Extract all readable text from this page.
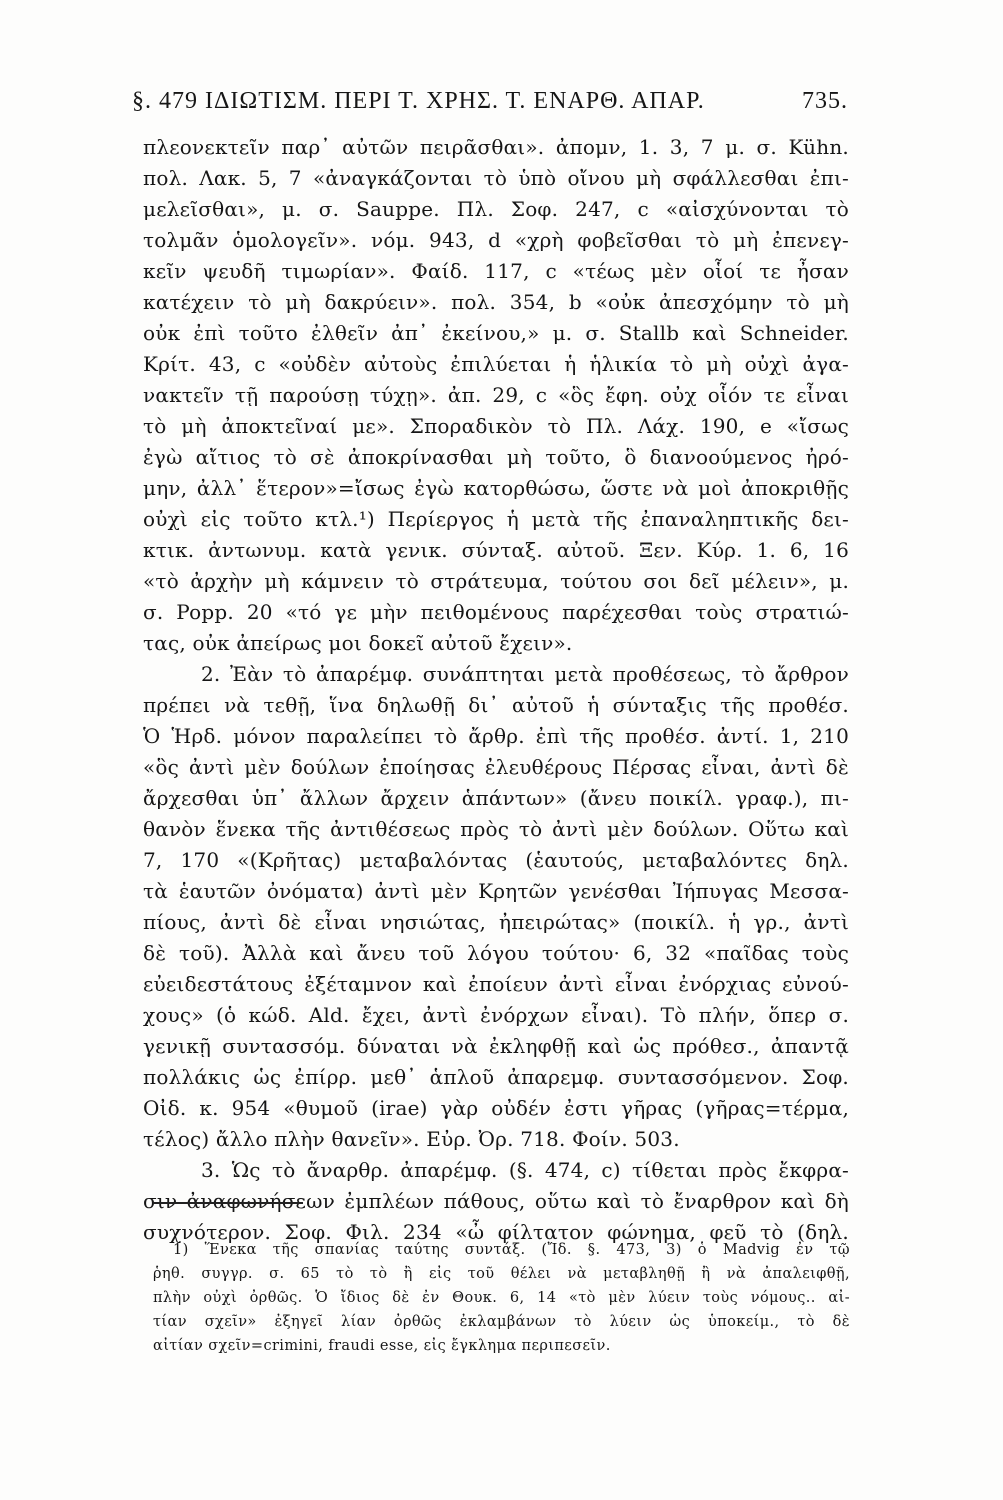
§. 479 ΙΔΙΩΤΙΣΜ. ΠΕΡΙ Τ. ΧΡΗΣ. Τ. ΕΝΑΡΘ. ΑΠΑΡ.	735.
πλεονεκτεῖν παρ᾿ αὐτῶν πειρᾶσθαι». ἀπομν, 1. 3, 7 μ. σ. Kühn.
πολ. Λακ. 5, 7 «ἀναγκάζονται τὸ ὑπὸ οἴνου μὴ σφάλλεσθαι ἐπι-
μελεῖσθαι», μ. σ. Sauppe. Πλ. Σοφ. 247, c «αἰσχύνονται τὸ
τολμᾶν ὁμολογεῖν». νόμ. 943, d «χρὴ φοβεῖσθαι τὸ μὴ ἐπενεγ-
κεῖν ψευδῆ τιμωρίαν». Φαίδ. 117, c «τέως μὲν οἷοί τε ἦσαν
κατέχειν τὸ μὴ δακρύειν». πολ. 354, b «οὐκ ἀπεσχόμην τὸ μὴ
οὐκ ἐπὶ τοῦτο ἐλθεῖν ἀπ᾿ ἐκείνου,» μ. σ. Stallb καὶ Schneider.
Κρίτ. 43, c «οὐδὲν αὐτοὺς ἐπιλύεται ἡ ἡλικία τὸ μὴ οὐχὶ ἀγα-
νακτεῖν τῇ παρούσῃ τύχῃ». ἀπ. 29, c «ὃς ἔφη. οὐχ οἷόν τε εἶναι
τὸ μὴ ἀποκτεῖναί με». Σποραδικὸν τὸ Πλ. Λάχ. 190, e «ἴσως
ἐγὼ αἴτιος τὸ σὲ ἀποκρίνασθαι μὴ τοῦτο, ὃ διανοούμενος ἠρό-
μην, ἀλλ᾿ ἕτερον»=ἴσως ἐγὼ κατορθώσω, ὥστε νὰ μοὶ ἀποκριθῇς
οὐχὶ εἰς τοῦτο κτλ.¹) Περίεργος ἡ μετὰ τῆς ἐπαναληπτικῆς δει-
κτικ. ἀντωνυμ. κατὰ γενικ. σύνταξ. αὐτοῦ. Ξεν. Κύρ. 1. 6, 16
«τὸ ἀρχὴν μὴ κάμνειν τὸ στράτευμα, τούτου σοι δεῖ μέλειν», μ.
σ. Popp. 20 «τό γε μὴν πειθομένους παρέχεσθαι τοὺς στρατιώ-
τας, οὐκ ἀπείρως μοι δοκεῖ αὐτοῦ ἔχειν».
2. Ἐὰν τὸ ἀπαρέμφ. συνάπτηται μετὰ προθέσεως, τὸ ἄρθρον
πρέπει νὰ τεθῇ, ἵνα δηλωθῇ δι᾿ αὐτοῦ ἡ σύνταξις τῆς προθέσ.
Ὁ Ἡρδ. μόνον παραλείπει τὸ ἄρθρ. ἐπὶ τῆς προθέσ. ἀντί. 1, 210
«ὃς ἀντὶ μὲν δούλων ἐποίησας ἐλευθέρους Πέρσας εἶναι, ἀντὶ δὲ
ἄρχεσθαι ὑπ᾿ ἄλλων ἄρχειν ἁπάντων» (ἄνευ ποικίλ. γραφ.), πι-
θανὸν ἕνεκα τῆς ἀντιθέσεως πρὸς τὸ ἀντὶ μὲν δούλων. Οὕτω καὶ
7, 170 «(Κρῆτας) μεταβαλόντας (ἑαυτούς, μεταβαλόντες δηλ.
τὰ ἑαυτῶν ὀνόματα) ἀντὶ μὲν Κρητῶν γενέσθαι Ἰήπυγας Μεσσα-
πίους, ἀντὶ δὲ εἶναι νησιώτας, ἠπειρώτας» (ποικίλ. ἡ γρ., ἀντὶ
δὲ τοῦ). Ἀλλὰ καὶ ἄνευ τοῦ λόγου τούτου· 6, 32 «παῖδας τοὺς
εὐειδεστάτους ἐξέταμνον καὶ ἐποίευν ἀντὶ εἶναι ἐνόρχιας εὐνού-
χους» (ὁ κώδ. Ald. ἔχει, ἀντὶ ἐνόρχων εἶναι). Τὸ πλήν, ὅπερ σ.
γενικῇ συντασσόμ. δύναται νὰ ἐκληφθῇ καὶ ὡς πρόθεσ., ἀπαντᾷ
πολλάκις ὡς ἐπίρρ. μεθ᾿ ἁπλοῦ ἀπαρεμφ. συντασσόμενον. Σοφ.
Οἰδ. κ. 954 «θυμοῦ (irae) γὰρ οὐδέν ἐστι γῆρας (γῆρας=τέρμα,
τέλος) ἄλλο πλὴν θανεῖν». Εὐρ. Ὀρ. 718. Φοίν. 503.
3. Ὡς τὸ ἄναρθρ. ἀπαρέμφ. (§. 474, c) τίθεται πρὸς ἔκφρα-
σιν ἀναφωνήσεων ἐμπλέων πάθους, οὕτω καὶ τὸ ἔναρθρον καὶ δὴ
συχνότερον. Σοφ. Φιλ. 234 «ὦ φίλτατον φώνημα, φεῦ τὸ (δηλ.
1) Ἕνεκα τῆς σπανίας ταύτης συντάξ. (Ἴδ. §. 473, 3) ὁ Madvig ἐν τῷ
ῥηθ. συγγρ. σ. 65 τὸ τὸ ἢ εἰς τοῦ θέλει νὰ μεταβληθῇ ἢ νὰ ἀπαλειφθῇ,
πλὴν οὐχὶ ὀρθῶς. Ὁ ἴδιος δὲ ἐν Θουκ. 6, 14 «τὸ μὲν λύειν τοὺς νόμους.. αἰ-
τίαν σχεῖν» ἐξηγεῖ λίαν ὀρθῶς ἐκλαμβάνων τὸ λύειν ὡς ὑποκείμ., τὸ δὲ
αἰτίαν σχεῖν=crimini, fraudi esse, εἰς ἔγκλημα περιπεσεῖν.
